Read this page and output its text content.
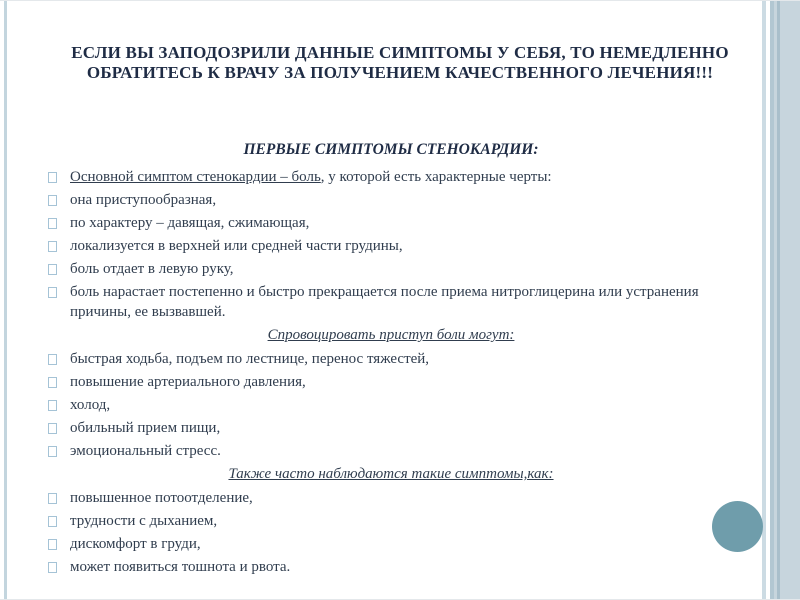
ЕСЛИ ВЫ ЗАПОДОЗРИЛИ ДАННЫЕ СИМПТОМЫ У СЕБЯ, ТО НЕМЕДЛЕННО ОБРАТИТЕСЬ К ВРАЧУ ЗА ПОЛУЧЕНИЕМ КАЧЕСТВЕННОГО ЛЕЧЕНИЯ!!!
ПЕРВЫЕ СИМПТОМЫ СТЕНОКАРДИИ:
Основной симптом стенокардии – боль, у которой есть характерные черты:
она приступообразная,
по характеру – давящая, сжимающая,
локализуется в верхней или средней части грудины,
боль отдает в левую руку,
боль нарастает постепенно и быстро прекращается после приема нитроглицерина или устранения причины, ее вызвавшей.
Спровоцировать приступ боли могут:
быстрая ходьба, подъем по лестнице, перенос тяжестей,
повышение артериального давления,
холод,
обильный прием пищи,
эмоциональный стресс.
Также часто наблюдаются такие симптомы,как:
повышенное потоотделение,
трудности с дыханием,
дискомфорт в груди,
может появиться тошнота и рвота.
